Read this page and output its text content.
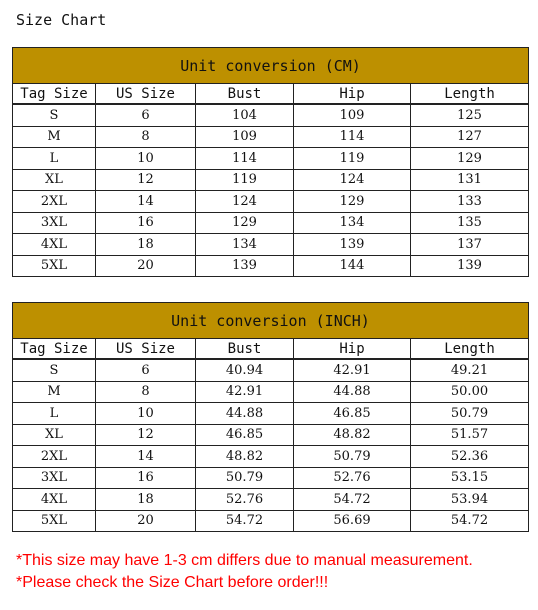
Size Chart
Unit conversion (CM)				
Tag Size	US Size	Bust	Hip	Length
S	6	104	109	125
M	8	109	114	127
L	10	114	119	129
XL	12	119	124	131
2XL	14	124	129	133
3XL	16	129	134	135
4XL	18	134	139	137
5XL	20	139	144	139
Unit conversion (INCH)				
Tag Size	US Size	Bust	Hip	Length
S	6	40.94	42.91	49.21
M	8	42.91	44.88	50.00
L	10	44.88	46.85	50.79
XL	12	46.85	48.82	51.57
2XL	14	48.82	50.79	52.36
3XL	16	50.79	52.76	53.15
4XL	18	52.76	54.72	53.94
5XL	20	54.72	56.69	54.72
*This size may have 1-3 cm differs due to manual measurement.
*Please check the Size Chart before order!!!
